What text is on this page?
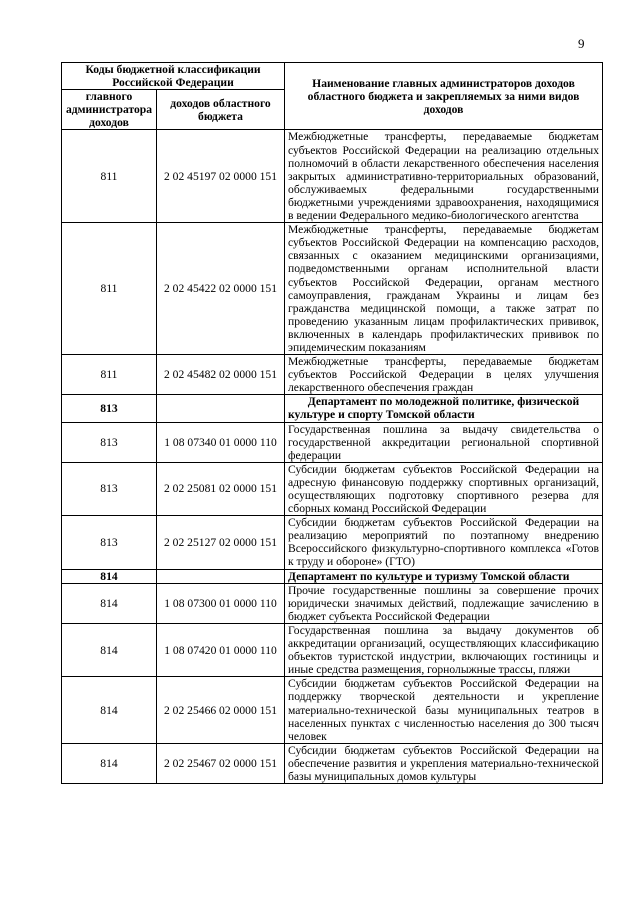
9
Коды бюджетной классификации Российской Федерации		Наименование главных администраторов доходов областного бюджета и закрепляемых за ними видов доходов
главного администратора доходов	доходов областного бюджета	
811	2 02 45197 02 0000 151	Межбюджетные трансферты, передаваемые бюджетам субъектов Российской Федерации на реализацию отдельных полномочий в области лекарственного обеспечения населения закрытых административно-территориальных образований, обслуживаемых федеральными государственными бюджетными учреждениями здравоохранения, находящимися в ведении Федерального медико-биологического агентства
811	2 02 45422 02 0000 151	Межбюджетные трансферты, передаваемые бюджетам субъектов Российской Федерации на компенсацию расходов, связанных с оказанием медицинскими организациями, подведомственными органам исполнительной власти субъектов Российской Федерации, органам местного самоуправления, гражданам Украины и лицам без гражданства медицинской помощи, а также затрат по проведению указанным лицам профилактических прививок, включенных в календарь профилактических прививок по эпидемическим показаниям
811	2 02 45482 02 0000 151	Межбюджетные трансферты, передаваемые бюджетам субъектов Российской Федерации в целях улучшения лекарственного обеспечения граждан
813		Департамент по молодежной политике, физической культуре и спорту Томской области
813	1 08 07340 01 0000 110	Государственная пошлина за выдачу свидетельства о государственной аккредитации региональной спортивной федерации
813	2 02 25081 02 0000 151	Субсидии бюджетам субъектов Российской Федерации на адресную финансовую поддержку спортивных организаций, осуществляющих подготовку спортивного резерва для сборных команд Российской Федерации
813	2 02 25127 02 0000 151	Субсидии бюджетам субъектов Российской Федерации на реализацию мероприятий по поэтапному внедрению Всероссийского физкультурно-спортивного комплекса «Готов к труду и обороне» (ГТО)
814		Департамент по культуре и туризму Томской области
814	1 08 07300 01 0000 110	Прочие государственные пошлины за совершение прочих юридически значимых действий, подлежащие зачислению в бюджет субъекта Российской Федерации
814	1 08 07420 01 0000 110	Государственная пошлина за выдачу документов об аккредитации организаций, осуществляющих классификацию объектов туристской индустрии, включающих гостиницы и иные средства размещения, горнолыжные трассы, пляжи
814	2 02 25466 02 0000 151	Субсидии бюджетам субъектов Российской Федерации на поддержку творческой деятельности и укрепление материально-технической базы муниципальных театров в населенных пунктах с численностью населения до 300 тысяч человек
814	2 02 25467 02 0000 151	Субсидии бюджетам субъектов Российской Федерации на обеспечение развития и укрепления материально-технической базы муниципальных домов культуры
